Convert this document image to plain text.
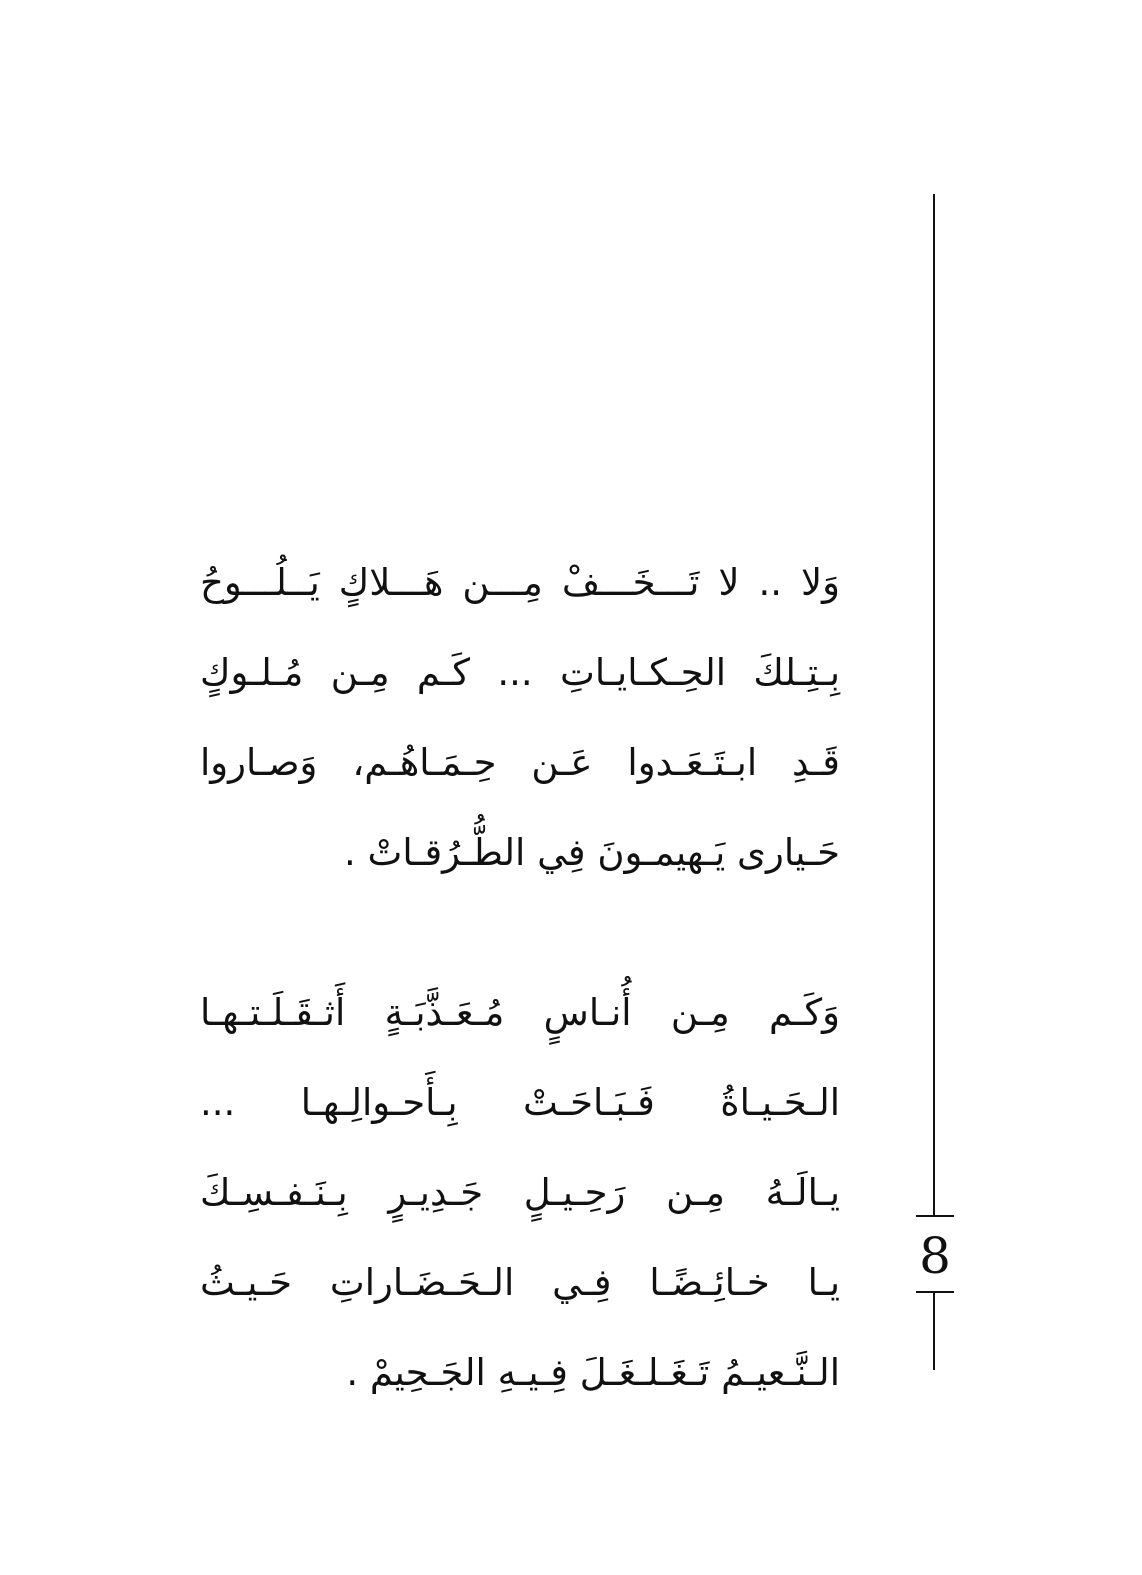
وَلا .. لا تَـــخَـــفْ مِـــن هَـــلاكٍ يَــلُـــوحُ
بِـتِـلكَ الحِـكـايـاتِ ... كَـم مِـن مُـلـوكٍ
قَـدِ ابـتَـعَـدوا عَـن حِـمَـاهُـم، وَصـاروا
حَـيارى يَـهيمـونَ فِي الطُّـرُقـاتْ .
وَكَـم مِـن أُنـاسٍ مُـعَـذَّبَـةٍ أَثـقَـلَـتـهـا
الـحَـيـاةُ فَـبَـاحَـتْ بِـأَحـوالِـهـا ...
يـالَـهُ مِـن رَحِـيـلٍ جَـدِيـرٍ بِـنَـفـسِـكَ
يـا خـائِـضًـا فِـي الـحَـضَـاراتِ حَـيـثُ
الـنَّـعيـمُ تَـغَـلـغَـلَ فِـيـهِ الجَـحِيمْ .
8
